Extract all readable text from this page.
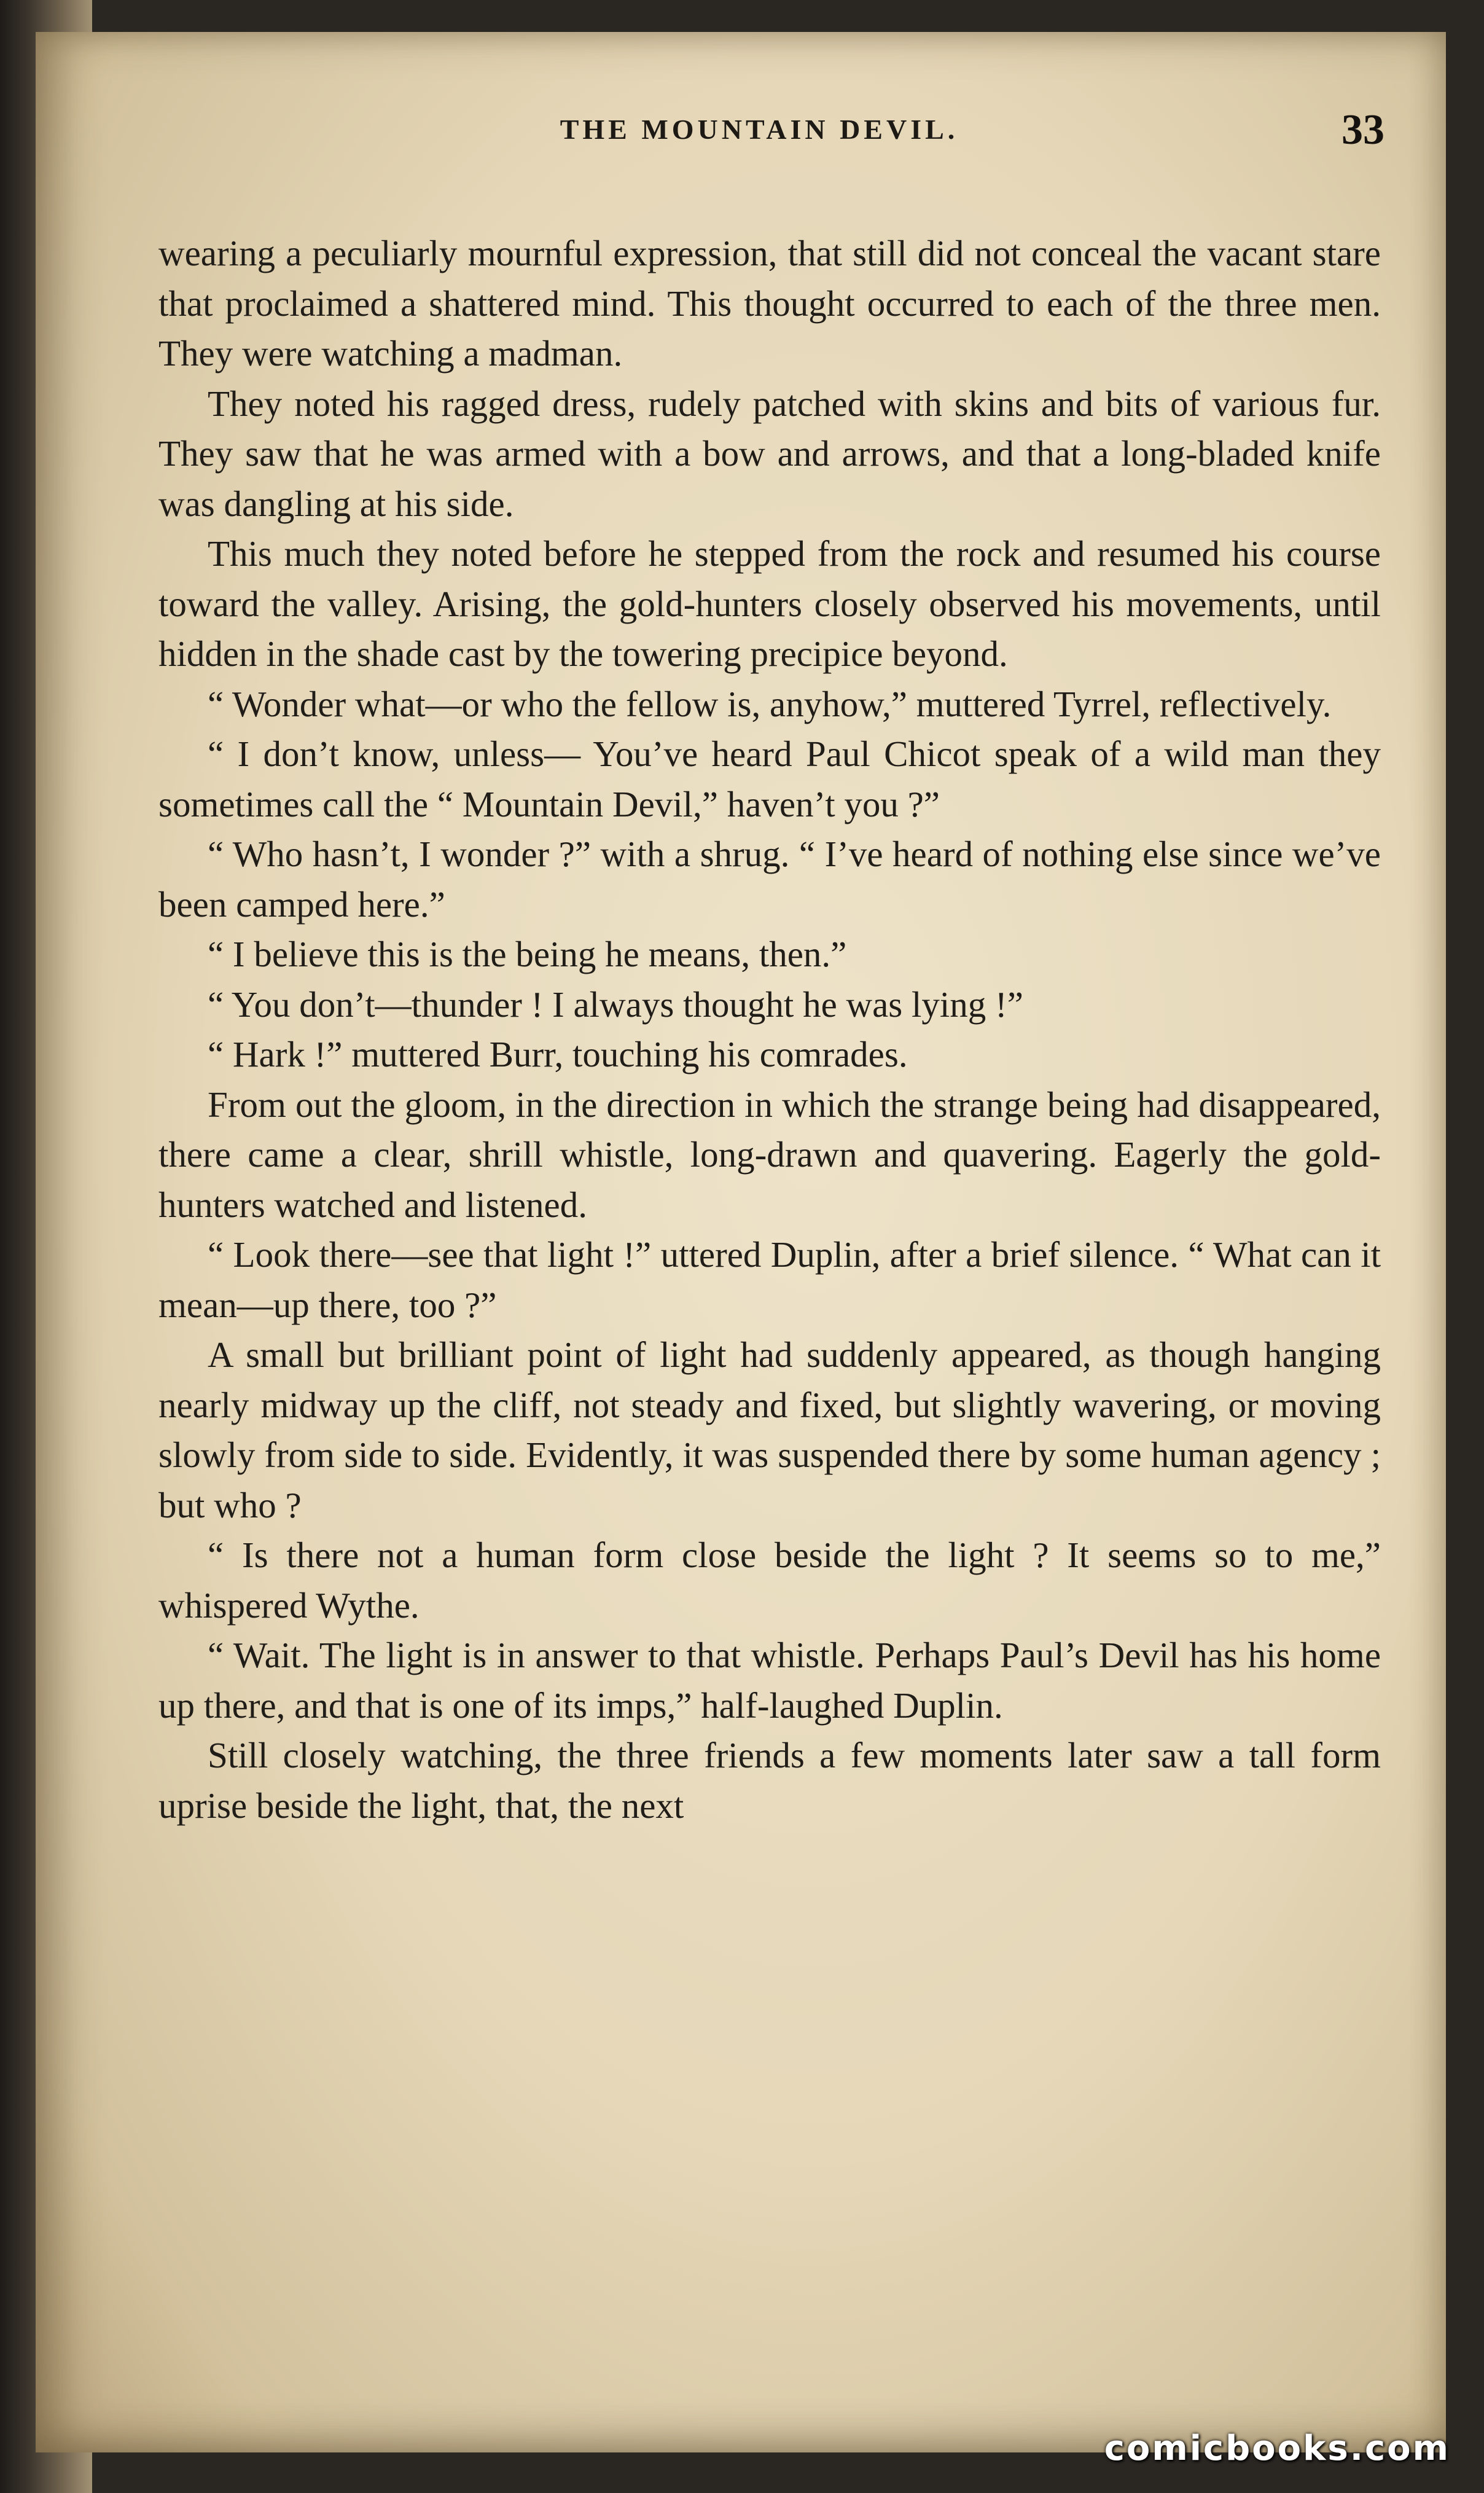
THE MOUNTAIN DEVIL.	33

wearing a peculiarly mournful expression, that still did not conceal the vacant stare that proclaimed a shattered mind. This thought occurred to each of the three men. They were watching a madman.

They noted his ragged dress, rudely patched with skins and bits of various fur. They saw that he was armed with a bow and arrows, and that a long-bladed knife was dangling at his side.

This much they noted before he stepped from the rock and resumed his course toward the valley. Arising, the gold-hunters closely observed his movements, until hidden in the shade cast by the towering precipice beyond.

“ Wonder what—or who the fellow is, anyhow,” muttered Tyrrel, reflectively.

“ I don’t know, unless— You’ve heard Paul Chicot speak of a wild man they sometimes call the “ Mountain Devil,” haven’t you ?”

“ Who hasn’t, I wonder ?” with a shrug. “ I’ve heard of nothing else since we’ve been camped here.”

“ I believe this is the being he means, then.”

“ You don’t—thunder ! I always thought he was lying !”

“ Hark !” muttered Burr, touching his comrades.

From out the gloom, in the direction in which the strange being had disappeared, there came a clear, shrill whistle, long-drawn and quavering. Eagerly the gold-hunters watched and listened.

“ Look there—see that light !” uttered Duplin, after a brief silence. “ What can it mean—up there, too ?”

A small but brilliant point of light had suddenly appeared, as though hanging nearly midway up the cliff, not steady and fixed, but slightly wavering, or moving slowly from side to side. Evidently, it was suspended there by some human agency ; but who ?

“ Is there not a human form close beside the light ? It seems so to me,” whispered Wythe.

“ Wait. The light is in answer to that whistle. Perhaps Paul’s Devil has his home up there, and that is one of its imps,” half-laughed Duplin.

Still closely watching, the three friends a few moments later saw a tall form uprise beside the light, that, the next

comicbooks.com
